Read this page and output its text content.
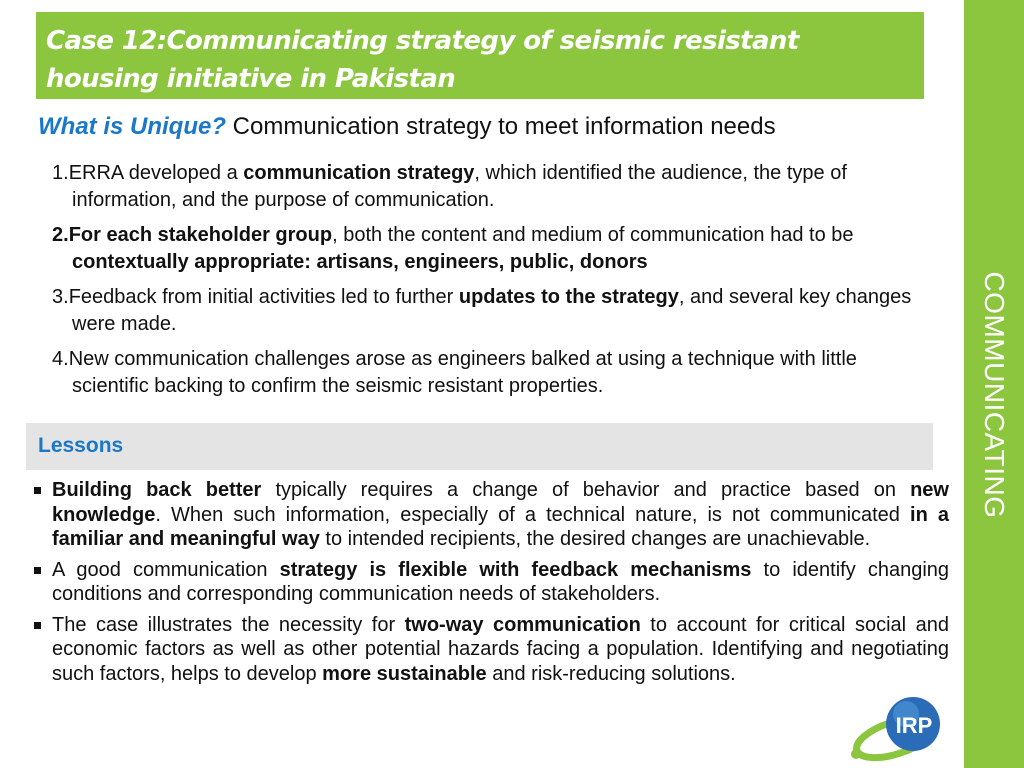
Case 12:Communicating strategy of seismic resistant housing initiative in Pakistan
COMMUNICATING
What is Unique? Communication strategy to meet information needs
1.ERRA developed a communication strategy, which identified the audience, the type of information, and the purpose of communication.
2.For each stakeholder group, both the content and medium of communication had to be contextually appropriate: artisans, engineers, public, donors
3.Feedback from initial activities led to further updates to the strategy, and several key changes were made.
4.New communication challenges arose as engineers balked at using a technique with little scientific backing to confirm the seismic resistant properties.
Lessons
Building back better typically requires a change of behavior and practice based on new knowledge. When such information, especially of a technical nature, is not communicated in a familiar and meaningful way to intended recipients, the desired changes are unachievable.
A good communication strategy is flexible with feedback mechanisms to identify changing conditions and corresponding communication needs of stakeholders.
The case illustrates the necessity for two-way communication to account for critical social and economic factors as well as other potential hazards facing a population. Identifying and negotiating such factors, helps to develop more sustainable and risk-reducing solutions.
IRP
